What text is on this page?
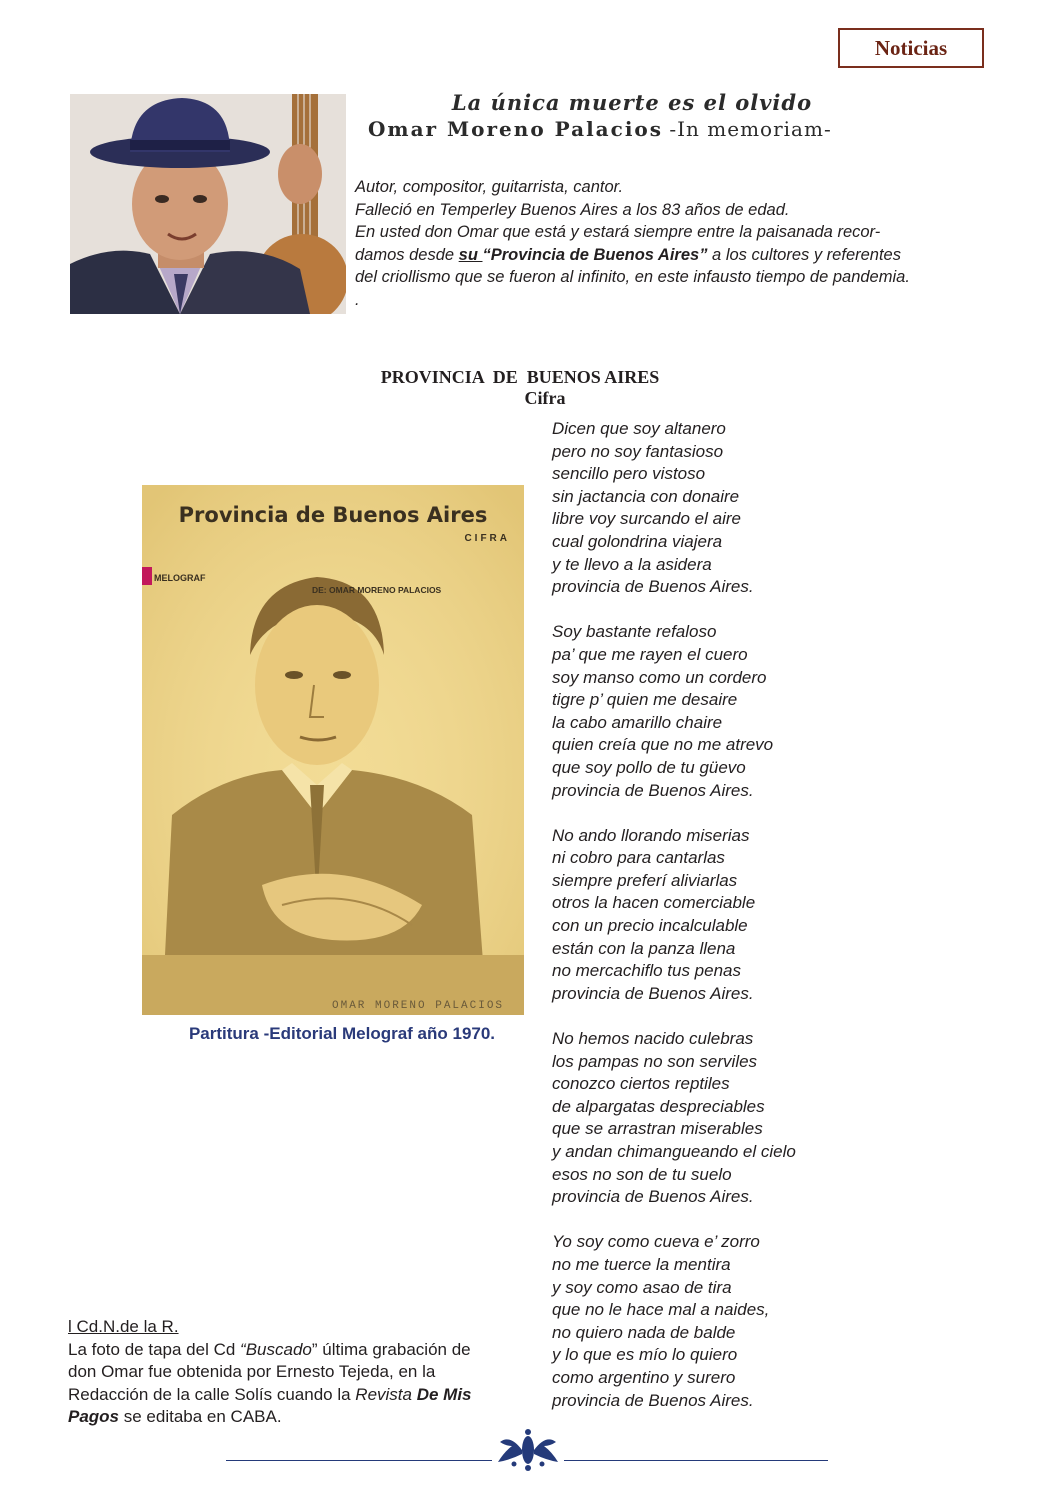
Noticias
La única muerte es el olvido
Omar Moreno Palacios -In memoriam-
Autor, compositor, guitarrista, cantor.
Falleció en Temperley Buenos Aires a los 83 años de edad.
En usted don Omar que está y estará siempre entre la paisanada recor-
damos desde su “Provincia de Buenos Aires” a los cultores y referentes
del criollismo que se fueron al infinito, en este infausto tiempo de pandemia.
.
PROVINCIA  DE  BUENOS AIRES
Cifra
Provincia de Buenos Aires
CIFRA
MELOGRAF
DE: OMAR MORENO PALACIOS
OMAR MORENO PALACIOS
Partitura -Editorial Melograf año 1970.
Dicen que soy altanero
pero no soy fantasioso
sencillo pero vistoso
sin jactancia con donaire
libre voy surcando el aire
cual golondrina viajera
y te llevo a la asidera
provincia de Buenos Aires.
Soy bastante refaloso
pa’ que me rayen el cuero
soy manso como un cordero
tigre p’ quien me desaire
la cabo amarillo chaire
quien creía que no me atrevo
que soy pollo de tu güevo
provincia de Buenos Aires.
No ando llorando miserias
ni cobro para cantarlas
siempre preferí aliviarlas
otros la hacen comerciable
con un precio incalculable
están con la panza llena
no mercachiflo tus penas
provincia de Buenos Aires.
No hemos nacido culebras
los pampas no son serviles
conozco ciertos reptiles
de alpargatas despreciables
que se arrastran miserables
y andan chimangueando el cielo
esos no son de tu suelo
provincia de Buenos Aires.
Yo soy como cueva e’ zorro
no me tuerce la mentira
y soy como asao de tira
que no le hace mal a naides,
no quiero nada de balde
y lo que es mío lo quiero
como argentino y surero
provincia de Buenos Aires.
l Cd.N.de la R.
La foto de tapa del Cd “Buscado” última grabación de
don Omar fue obtenida por Ernesto Tejeda, en la
Redacción de la calle Solís cuando la Revista De Mis
Pagos se editaba en CABA.
